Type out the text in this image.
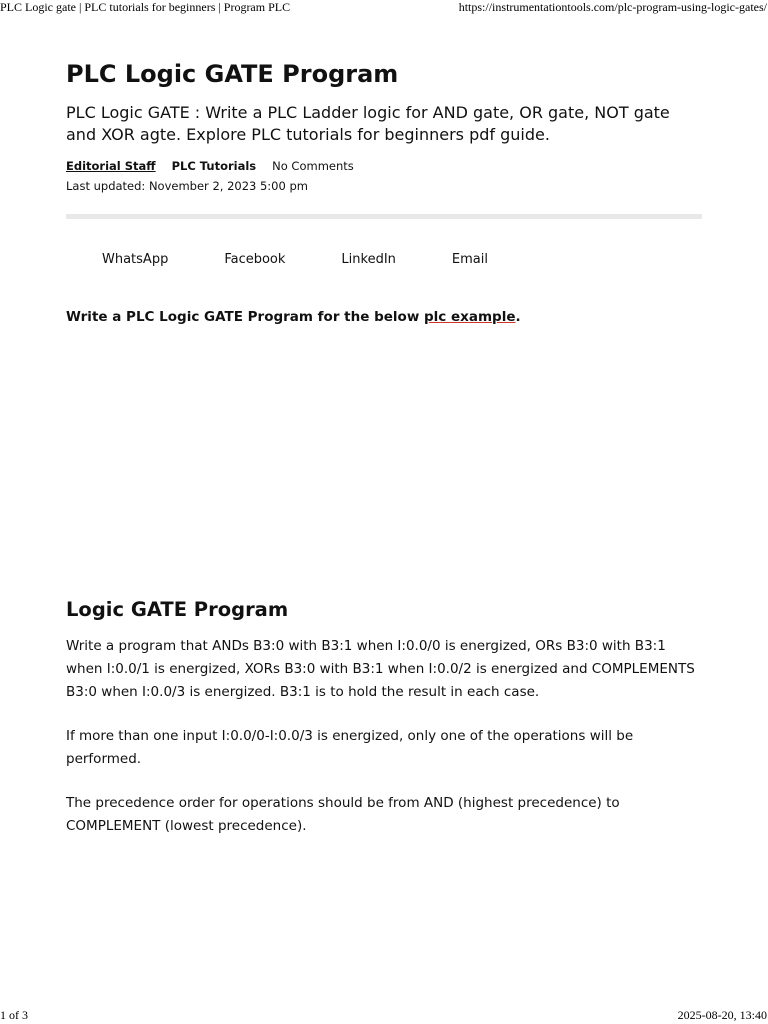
PLC Logic gate | PLC tutorials for beginners | Program PLC	https://instrumentationtools.com/plc-program-using-logic-gates/
PLC Logic GATE Program

PLC Logic GATE : Write a PLC Ladder logic for AND gate, OR gate, NOT gate and XOR agte. Explore PLC tutorials for beginners pdf guide.

Editorial Staff PLC Tutorials No Comments
Last updated: November 2, 2023 5:00 pm
WhatsApp	Facebook	LinkedIn	Email
Write a PLC Logic GATE Program for the below plc example.
Logic GATE Program

Write a program that ANDs B3:0 with B3:1 when I:0.0/0 is energized, ORs B3:0 with B3:1 when I:0.0/1 is energized, XORs B3:0 with B3:1 when I:0.0/2 is energized and COMPLEMENTS B3:0 when I:0.0/3 is energized. B3:1 is to hold the result in each case.

If more than one input I:0.0/0-I:0.0/3 is energized, only one of the operations will be performed.

The precedence order for operations should be from AND (highest precedence) to COMPLEMENT (lowest precedence).

1 of 3	2025-08-20, 13:40
